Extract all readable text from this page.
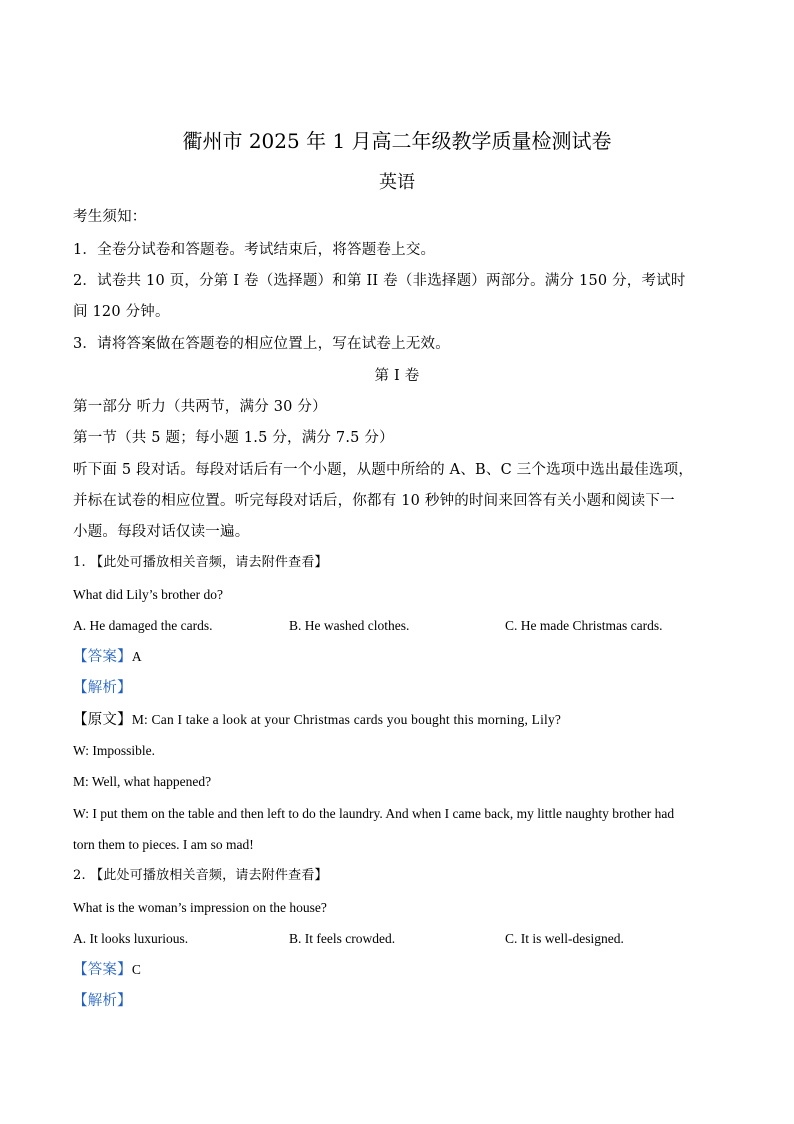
衢州市 2025 年 1 月高二年级教学质量检测试卷
英语
考生须知：
1．全卷分试卷和答题卷。考试结束后，将答题卷上交。
2．试卷共 10 页，分第 I 卷（选择题）和第 II 卷（非选择题）两部分。满分 150 分，考试时
间 120 分钟。
3．请将答案做在答题卷的相应位置上，写在试卷上无效。
第 I 卷
第一部分 听力（共两节，满分 30 分）
第一节（共 5 题；每小题 1.5 分，满分 7.5 分）
听下面 5 段对话。每段对话后有一个小题，从题中所给的 A、B、C 三个选项中选出最佳选项，
并标在试卷的相应位置。听完每段对话后，你都有 10 秒钟的时间来回答有关小题和阅读下一
小题。每段对话仅读一遍。
1. 【此处可播放相关音频，请去附件查看】
What did Lily’s brother do?
A. He damaged the cards.	B. He washed clothes.	C. He made Christmas cards.
【答案】A
【解析】
【原文】M: Can I take a look at your Christmas cards you bought this morning, Lily?
W: Impossible.
M: Well, what happened?
W: I put them on the table and then left to do the laundry. And when I came back, my little naughty brother had
torn them to pieces. I am so mad!
2. 【此处可播放相关音频，请去附件查看】
What is the woman’s impression on the house?
A. It looks luxurious.	B. It feels crowded.	C. It is well-designed.
【答案】C
【解析】
